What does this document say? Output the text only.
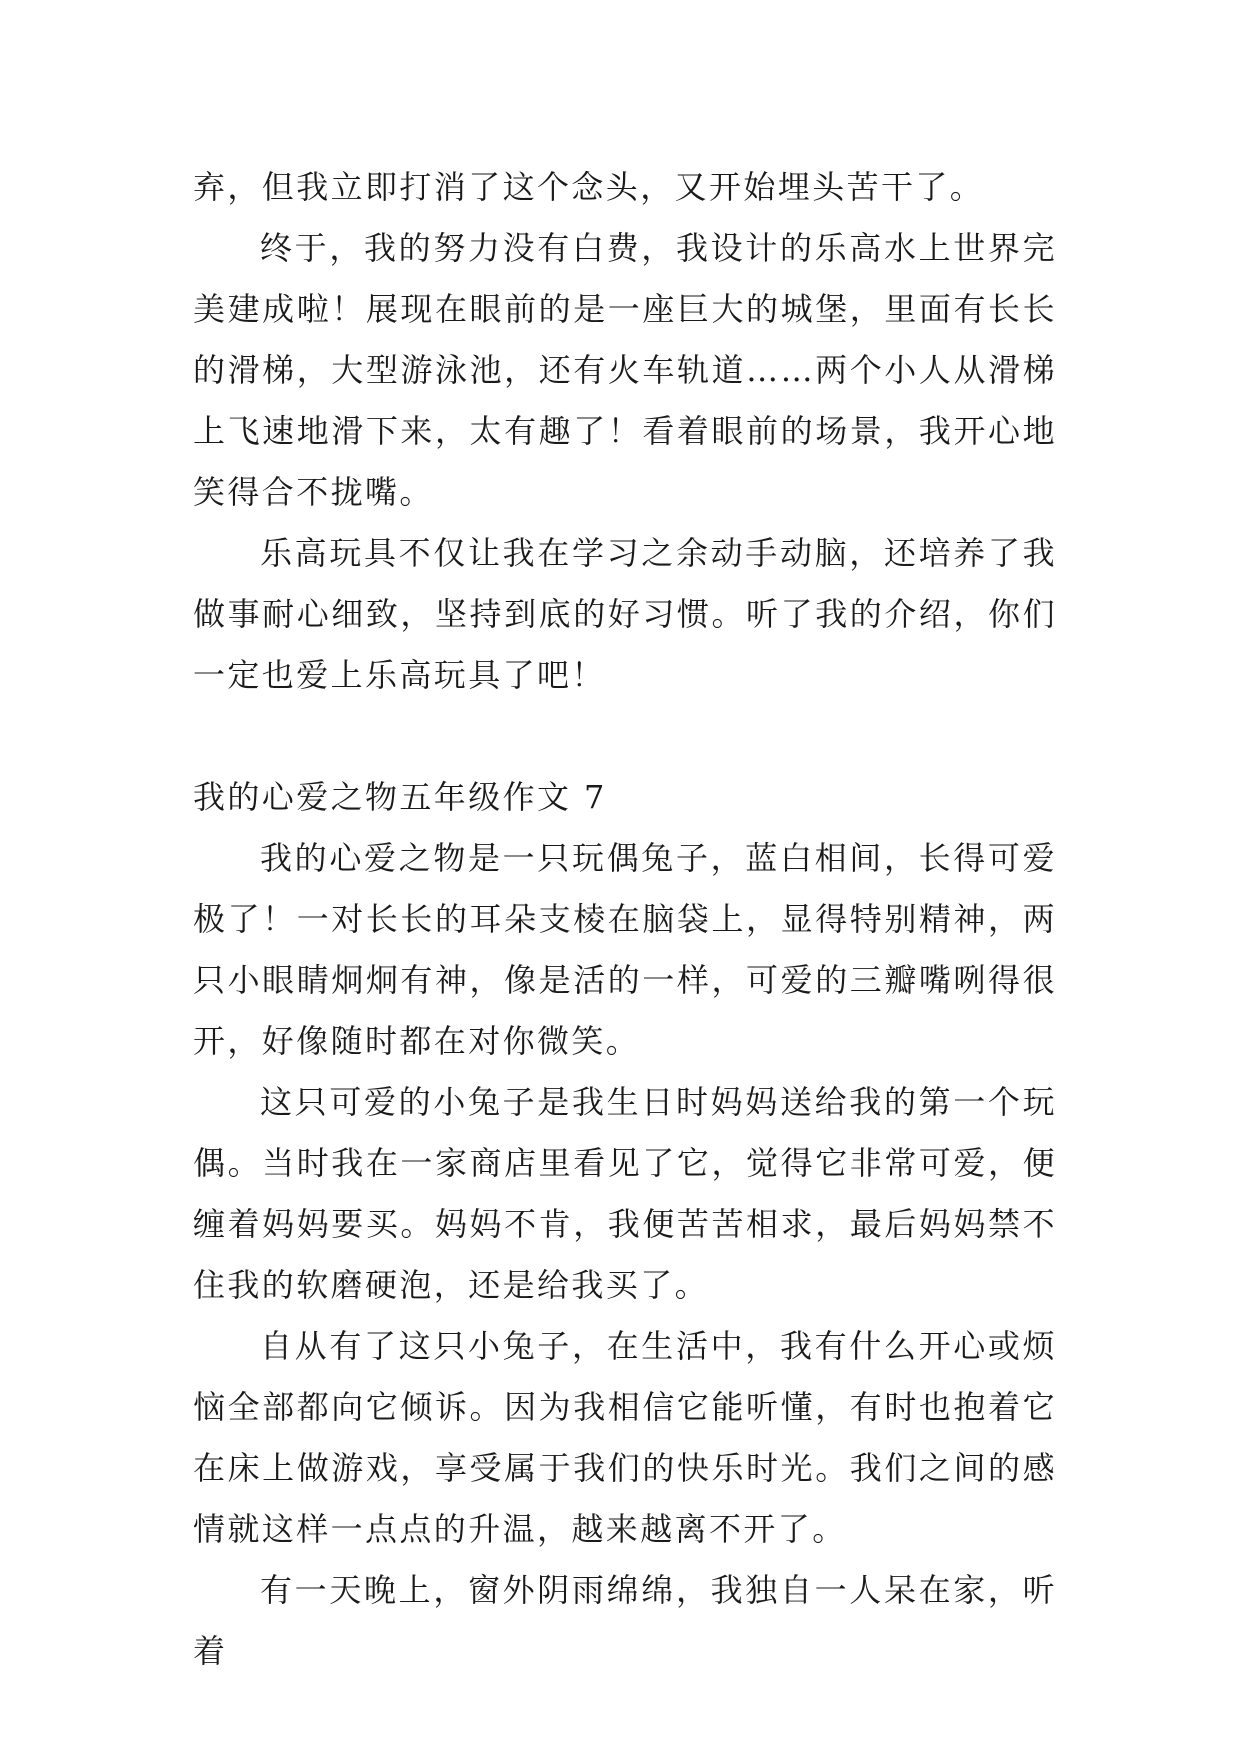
弃，但我立即打消了这个念头，又开始埋头苦干了。

终于，我的努力没有白费，我设计的乐高水上世界完美建成啦！展现在眼前的是一座巨大的城堡，里面有长长的滑梯，大型游泳池，还有火车轨道……两个小人从滑梯上飞速地滑下来，太有趣了！看着眼前的场景，我开心地笑得合不拢嘴。

乐高玩具不仅让我在学习之余动手动脑，还培养了我做事耐心细致，坚持到底的好习惯。听了我的介绍，你们一定也爱上乐高玩具了吧！

我的心爱之物五年级作文 7

我的心爱之物是一只玩偶兔子，蓝白相间，长得可爱极了！一对长长的耳朵支棱在脑袋上，显得特别精神，两只小眼睛炯炯有神，像是活的一样，可爱的三瓣嘴咧得很开，好像随时都在对你微笑。

这只可爱的小兔子是我生日时妈妈送给我的第一个玩偶。当时我在一家商店里看见了它，觉得它非常可爱，便缠着妈妈要买。妈妈不肯，我便苦苦相求，最后妈妈禁不住我的软磨硬泡，还是给我买了。

自从有了这只小兔子，在生活中，我有什么开心或烦恼全部都向它倾诉。因为我相信它能听懂，有时也抱着它在床上做游戏，享受属于我们的快乐时光。我们之间的感情就这样一点点的升温，越来越离不开了。

有一天晚上，窗外阴雨绵绵，我独自一人呆在家，听着
